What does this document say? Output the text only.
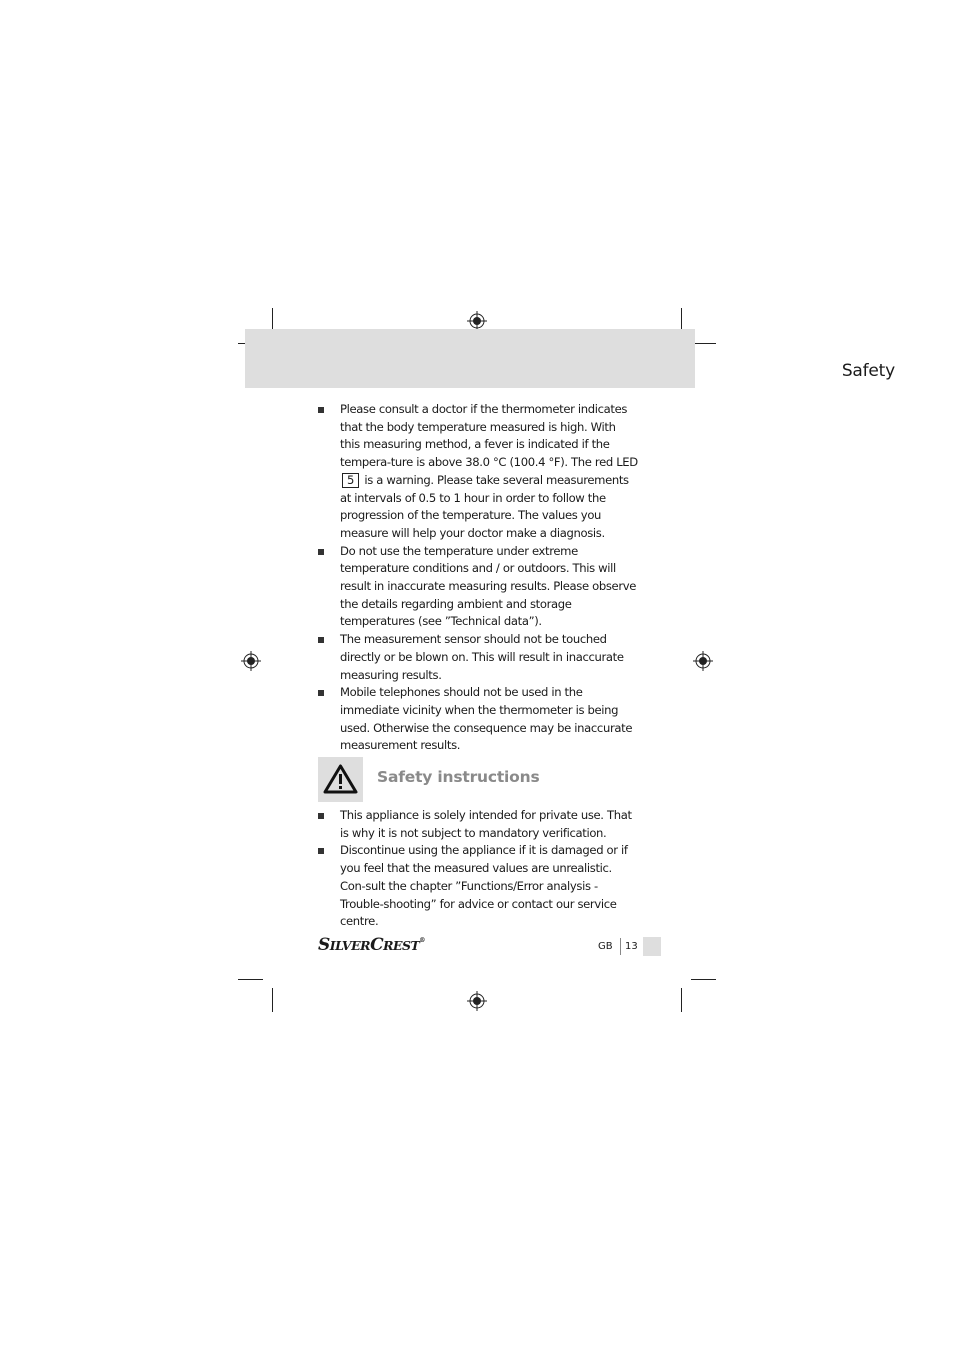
Safety
Please consult a doctor if the thermometer indicates that the body temperature measured is high. With this measuring method, a fever is indicated if the tempera-ture is above 38.0 °C (100.4 °F). The red LED 5 is a warning. Please take several measurements at intervals of 0.5 to 1 hour in order to follow the progression of the temperature. The values you measure will help your doctor make a diagnosis.
Do not use the temperature under extreme temperature conditions and / or outdoors. This will result in inaccurate measuring results. Please observe the details regarding ambient and storage temperatures (see ”Technical data”).
The measurement sensor should not be touched directly or be blown on. This will result in inaccurate measuring results.
Mobile telephones should not be used in the immediate vicinity when the thermometer is being used. Otherwise the consequence may be inaccurate measurement results.
Safety instructions
This appliance is solely intended for private use. That is why it is not subject to mandatory verification.
Discontinue using the appliance if it is damaged or if you feel that the measured values are unrealistic. Con-sult the chapter ”Functions/Error analysis - Trouble-shooting” for advice or contact our service centre.
SILVERCREST®
GB 13
